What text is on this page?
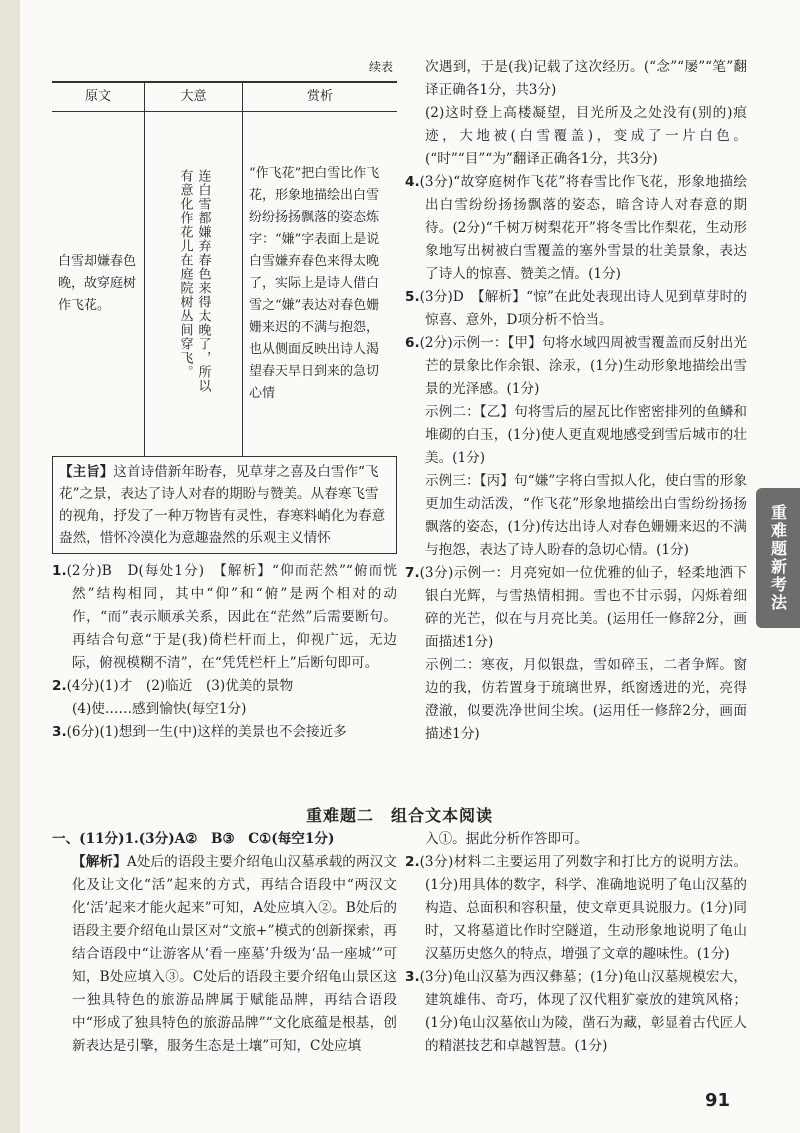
续表
原文	大意	赏析
白雪却嫌春色晚，故穿庭树作飞花。	连白雪都嫌弃春色来得太晚了，所以有意化作花儿在庭院树丛间穿飞。	“作飞花”把白雪比作飞花，形象地描绘出白雪纷纷扬扬飘落的姿态炼字：“嫌”字表面上是说白雪嫌弃春色来得太晚了，实际上是诗人借白雪之“嫌”表达对春色姗姗来迟的不满与抱怨，也从侧面反映出诗人渴望春天早日到来的急切心情
【主旨】这首诗借新年盼春，见草芽之喜及白雪作“飞花”之景，表达了诗人对春的期盼与赞美。从春寒飞雪的视角，抒发了一种万物皆有灵性，春寒料峭化为春意盎然，惜怀冷漠化为意趣盎然的乐观主义情怀

1.(2分)B　D(每处1分)　【解析】“仰而茫然”“俯而恍然”结构相同，其中“仰”和“俯”是两个相对的动作，“而”表示顺承关系，因此在“茫然”后需要断句。再结合句意“于是(我)倚栏杆而上，仰视广远，无边际，俯视模糊不清”，在“凭凭栏杆上”后断句即可。

2.(4分)(1)才　(2)临近　(3)优美的景物

(4)使……感到愉快(每空1分)

3.(6分)(1)想到一生(中)这样的美景也不会接近多

次遇到，于是(我)记载了这次经历。(“念”“屡”“笔”翻译正确各1分，共3分)

(2)这时登上高楼凝望，目光所及之处没有(别的)痕迹，大地被(白雪覆盖)，变成了一片白色。(“时”“目”“为”翻译正确各1分，共3分)

4.(3分)“故穿庭树作飞花”将春雪比作飞花，形象地描绘出白雪纷纷扬扬飘落的姿态，暗含诗人对春意的期待。(2分)“千树万树梨花开”将冬雪比作梨花，生动形象地写出树被白雪覆盖的塞外雪景的壮美景象，表达了诗人的惊喜、赞美之情。(1分)

5.(3分)D　【解析】“惊”在此处表现出诗人见到草芽时的惊喜、意外，D项分析不恰当。

6.(2分)示例一：【甲】句将水域四周被雪覆盖而反射出光芒的景象比作余银、涂汞，(1分)生动形象地描绘出雪景的光泽感。(1分)

示例二：【乙】句将雪后的屋瓦比作密密排列的鱼鳞和堆砌的白玉，(1分)使人更直观地感受到雪后城市的壮美。(1分)

示例三：【丙】句“嫌”字将白雪拟人化，使白雪的形象更加生动活泼，“作飞花”形象地描绘出白雪纷纷扬扬飘落的姿态，(1分)传达出诗人对春色姗姗来迟的不满与抱怨，表达了诗人盼春的急切心情。(1分)

7.(3分)示例一：月亮宛如一位优雅的仙子，轻柔地洒下银白光辉，与雪热情相拥。雪也不甘示弱，闪烁着细碎的光芒，似在与月亮比美。(运用任一修辞2分，画面描述1分)

示例二：寒夜，月似银盘，雪如碎玉，二者争辉。窗边的我，仿若置身于琉璃世界，纸窗透进的光，亮得澄澈，似要洗净世间尘埃。(运用任一修辞2分，画面描述1分)

重难题二　组合文本阅读

一、(11分)1.(3分)A②　B③　C①(每空1分)

【解析】A处后的语段主要介绍龟山汉墓承载的两汉文化及让文化“活”起来的方式，再结合语段中“两汉文化‘活’起来才能火起来”可知，A处应填入②。B处后的语段主要介绍龟山景区对“文旅+”模式的创新探索，再结合语段中“让游客从‘看一座墓’升级为‘品一座城’”可知，B处应填入③。C处后的语段主要介绍龟山景区这一独具特色的旅游品牌属于赋能品牌，再结合语段中“形成了独具特色的旅游品牌”“文化底蕴是根基，创新表达是引擎，服务生态是土壤”可知，C处应填

入①。据此分析作答即可。

2.(3分)材料二主要运用了列数字和打比方的说明方法。(1分)用具体的数字，科学、准确地说明了龟山汉墓的构造、总面积和容积量，使文章更具说服力。(1分)同时，又将墓道比作时空隧道，生动形象地说明了龟山汉墓历史悠久的特点，增强了文章的趣味性。(1分)

3.(3分)龟山汉墓为西汉彝墓；(1分)龟山汉墓规模宏大，建筑雄伟、奇巧，体现了汉代粗犷豪放的建筑风格；(1分)龟山汉墓依山为陵，凿石为藏，彰显着古代匠人的精湛技艺和卓越智慧。(1分)

重难题新考法
91
